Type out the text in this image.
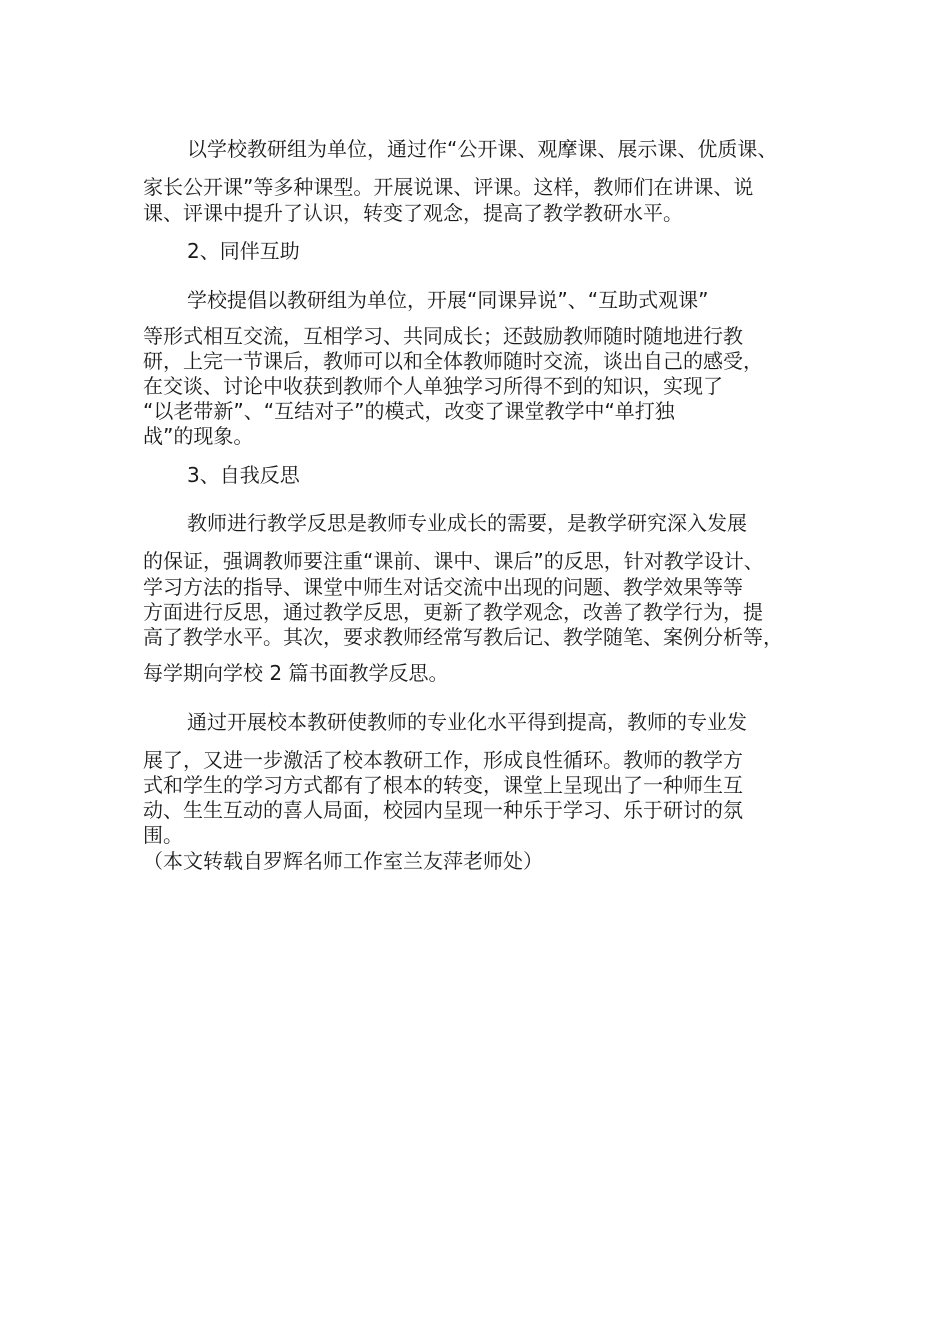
以学校教研组为单位，通过作“公开课、观摩课、展示课、优质课、

家长公开课”等多种课型。开展说课、评课。这样，教师们在讲课、说

课、评课中提升了认识，转变了观念，提高了教学教研水平。

2、同伴互助

学校提倡以教研组为单位，开展“同课异说”、“互助式观课”

等形式相互交流，互相学习、共同成长；还鼓励教师随时随地进行教

研，上完一节课后，教师可以和全体教师随时交流，谈出自己的感受，

在交谈、讨论中收获到教师个人单独学习所得不到的知识，实现了

“以老带新”、“互结对子”的模式，改变了课堂教学中“单打独

战”的现象。

3、自我反思

教师进行教学反思是教师专业成长的需要，是教学研究深入发展

的保证，强调教师要注重“课前、课中、课后”的反思，针对教学设计、

学习方法的指导、课堂中师生对话交流中出现的问题、教学效果等等

方面进行反思，通过教学反思，更新了教学观念，改善了教学行为，提

高了教学水平。其次，要求教师经常写教后记、教学随笔、案例分析等，

每学期向学校 2 篇书面教学反思。

通过开展校本教研使教师的专业化水平得到提高，教师的专业发

展了，又进一步激活了校本教研工作，形成良性循环。教师的教学方

式和学生的学习方式都有了根本的转变，课堂上呈现出了一种师生互

动、生生互动的喜人局面，校园内呈现一种乐于学习、乐于研讨的氛

围。

（本文转载自罗辉名师工作室兰友萍老师处）
